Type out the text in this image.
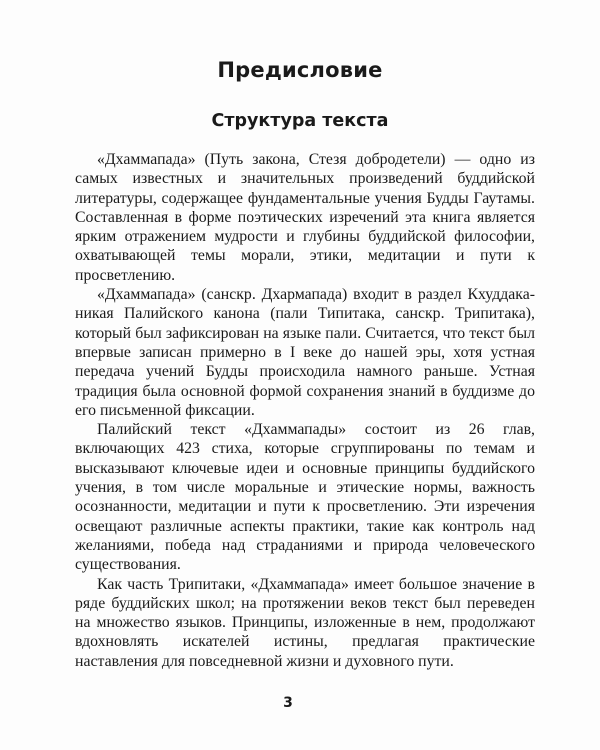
Предисловие
Структура текста

«Дхаммапада» (Путь закона, Стезя добродетели) — одно из самых известных и значительных произведений буддийской литературы, содержащее фундаментальные учения Будды Гаутамы. Составленная в форме поэтических изречений эта книга является ярким отражением мудрости и глубины буддийской философии, охватывающей темы морали, этики, медитации и пути к просветлению.

«Дхаммапада» (санскр. Дхармапада) входит в раздел Кхуддака-никая Палийского канона (пали Типитака, санскр. Трипитака), который был зафиксирован на языке пали. Считается, что текст был впервые записан примерно в I веке до нашей эры, хотя устная передача учений Будды происходила намного раньше. Устная традиция была основной формой сохранения знаний в буддизме до его письменной фиксации.

Палийский текст «Дхаммапады» состоит из 26 глав, включающих 423 стиха, которые сгруппированы по темам и высказывают ключевые идеи и основные принципы буддийского учения, в том числе моральные и этические нормы, важность осознанности, медитации и пути к просветлению. Эти изречения освещают различные аспекты практики, такие как контроль над желаниями, победа над страданиями и природа человеческого существования.

Как часть Трипитаки, «Дхаммапада» имеет большое значение в ряде буддийских школ; на протяжении веков текст был переведен на множество языков. Принципы, изложенные в нем, продолжают вдохновлять искателей истины, предлагая практические наставления для повседневной жизни и духовного пути.

3
